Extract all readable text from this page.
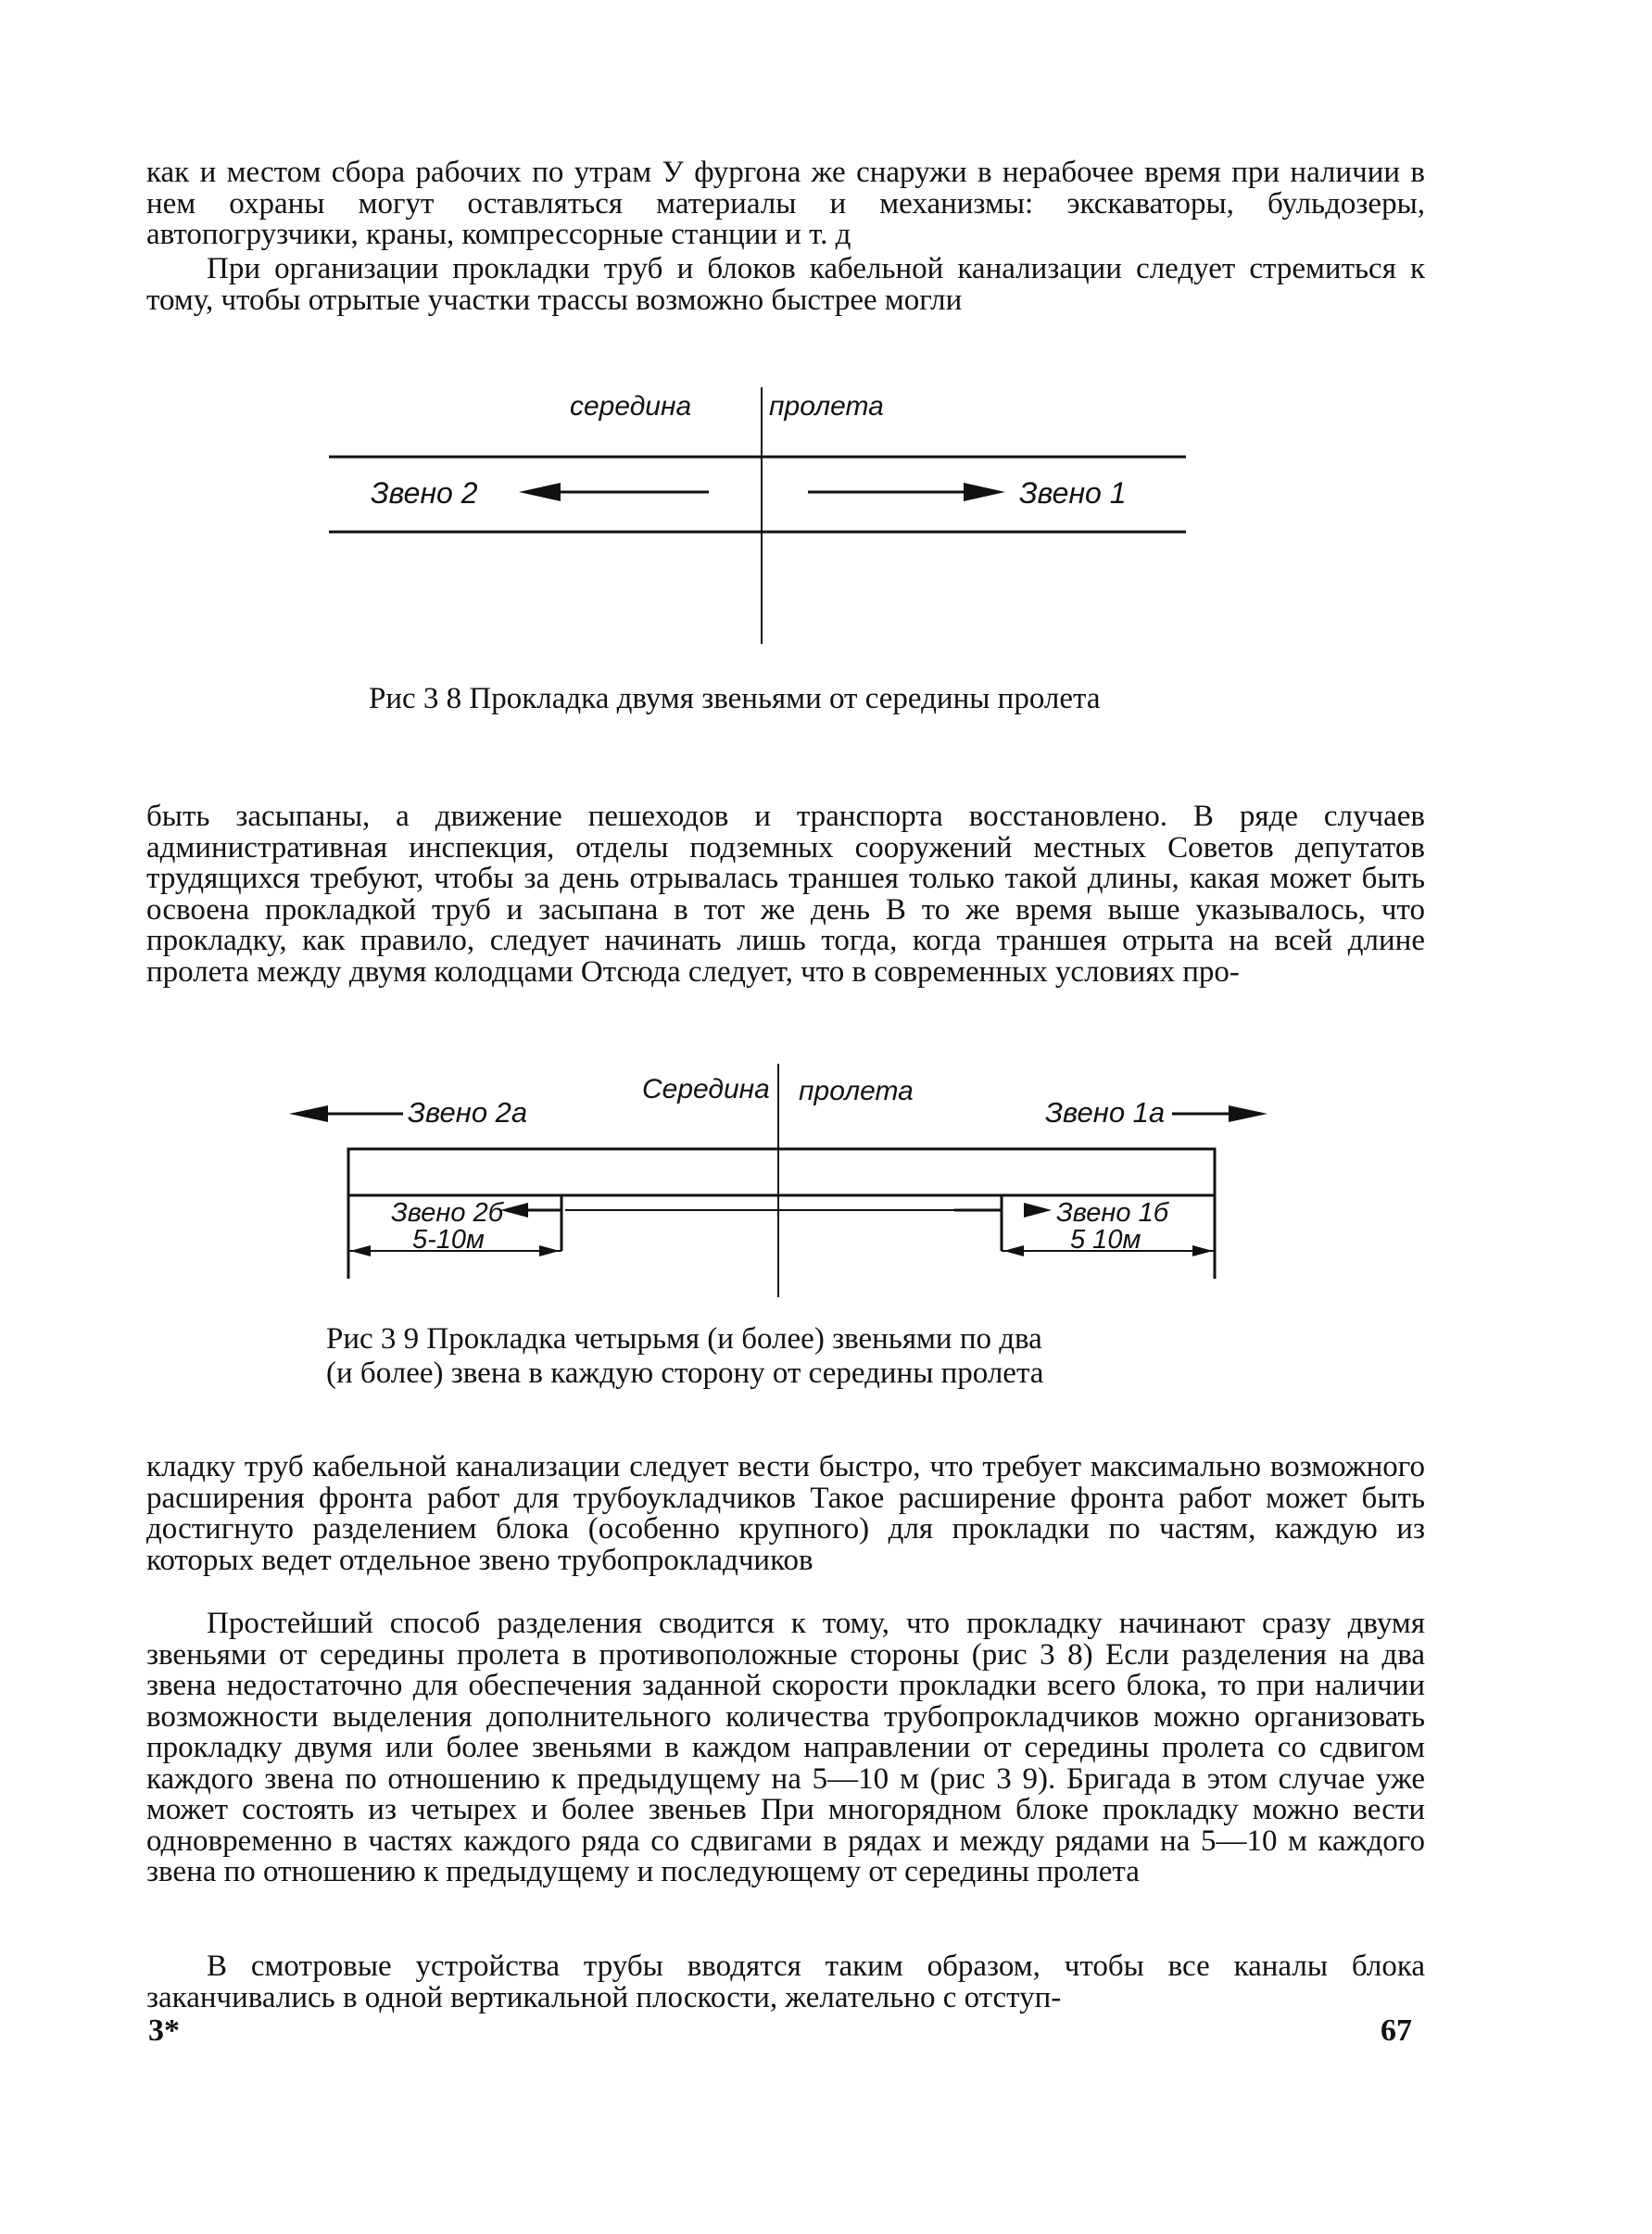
как и местом сбора рабочих по утрам У фургона же снаружи в нерабочее время при наличии в нем охраны могут оставляться материалы и механизмы: экскаваторы, бульдозеры, автопогрузчики, краны, компрессорные станции и т. д

При организации прокладки труб и блоков кабельной канализации следует стремиться к тому, чтобы отрытые участки трассы возможно быстрее могли

середина	пролета
Звено 2	Звено 1
Середина пролета
Звено 2а	Звено 1а
Звено 2б	Звено 1б
5-10м	5 10м

Рис 3 8 Прокладка двумя звеньями от середины пролета

быть засыпаны, а движение пешеходов и транспорта восстановлено. В ряде случаев административная инспекция, отделы подземных сооружений местных Советов депутатов трудящихся требуют, чтобы за день отрывалась траншея только такой длины, какая может быть освоена прокладкой труб и засыпана в тот же день В то же время выше указывалось, что прокладку, как правило, следует начинать лишь тогда, когда траншея отрыта на всей длине пролета между двумя колодцами Отсюда следует, что в современных условиях про-

Рис 3 9 Прокладка четырьмя (и более) звеньями по два

(и более) звена в каждую сторону от середины пролета

кладку труб кабельной канализации следует вести быстро, что требует максимально возможного расширения фронта работ для трубоукладчиков Такое расширение фронта работ может быть достигнуто разделением блока (особенно крупного) для прокладки по частям, каждую из которых ведет отдельное звено трубопрокладчиков

Простейший способ разделения сводится к тому, что прокладку начинают сразу двумя звеньями от середины пролета в противоположные стороны (рис 3 8) Если разделения на два звена недостаточно для обеспечения заданной скорости прокладки всего блока, то при наличии возможности выделения дополнительного количества трубопрокладчиков можно организовать прокладку двумя или более звеньями в каждом направлении от середины пролета со сдвигом каждого звена по отношению к предыдущему на 5—10 м (рис 3 9). Бригада в этом случае уже может состоять из четырех и более звеньев При многорядном блоке прокладку можно вести одновременно в частях каждого ряда со сдвигами в рядах и между рядами на 5—10 м каждого звена по отношению к предыдущему и последующему от середины пролета

В смотровые устройства трубы вводятся таким образом, чтобы все каналы блока заканчивались в одной вертикальной плоскости, желательно с отступ-

3*	67
